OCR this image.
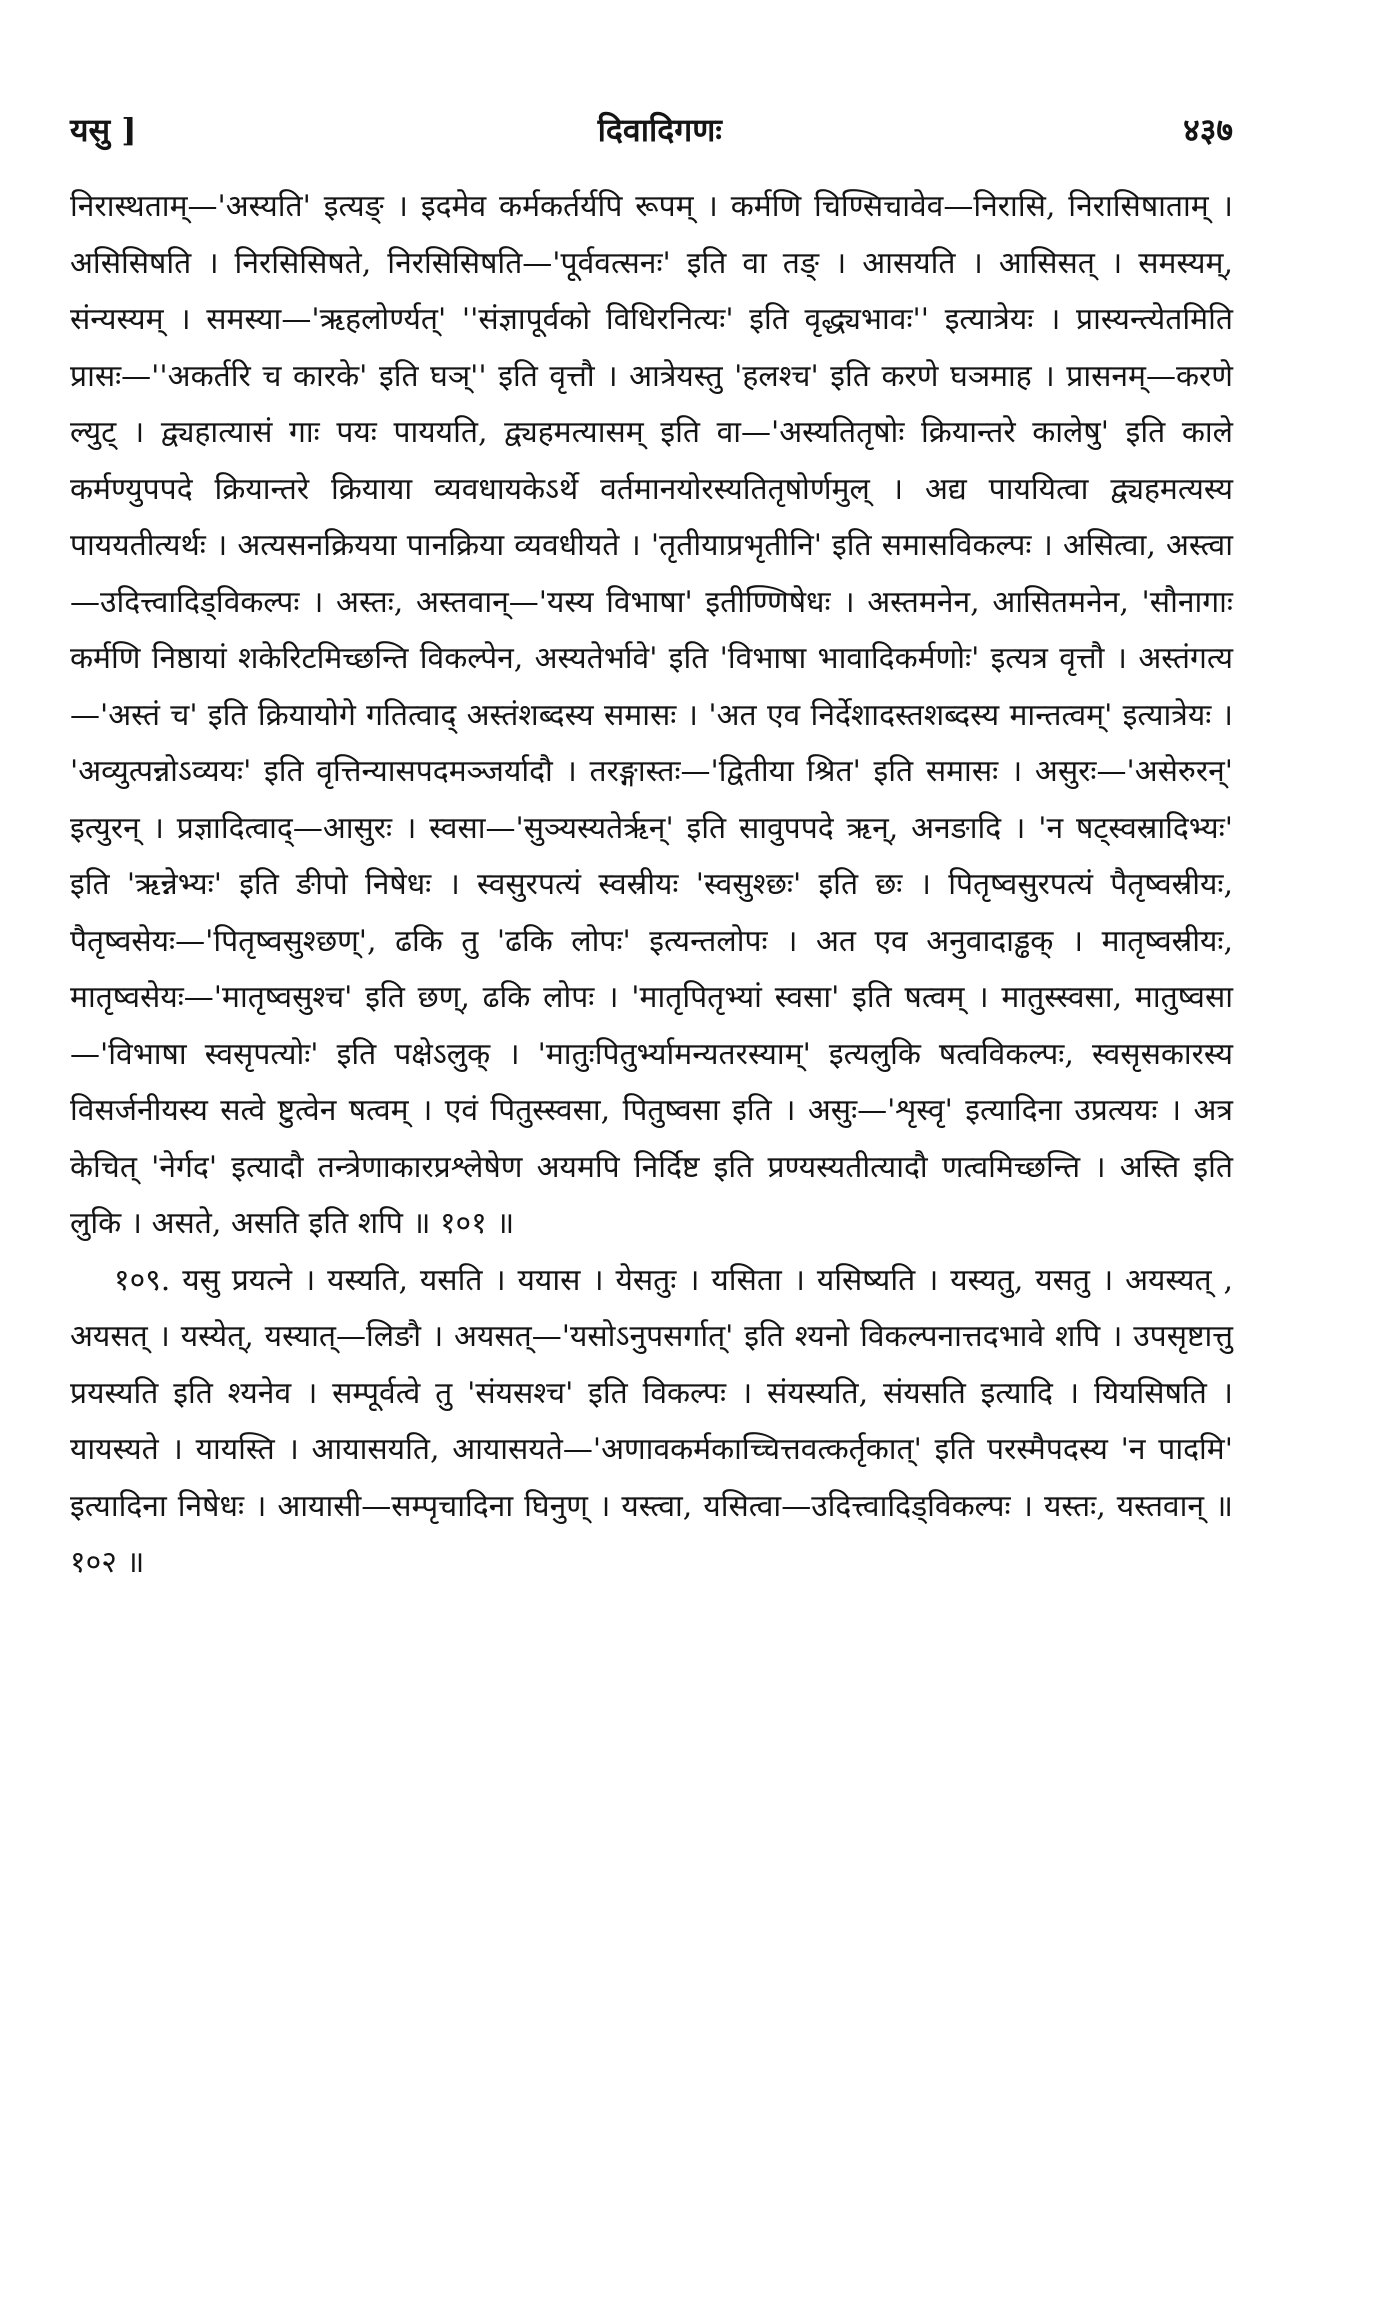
यसु ]	दिवादिगणः	४३७

निरास्थताम्—'अस्यति' इत्यङ् । इदमेव कर्मकर्तर्यपि रूपम् । कर्मणि चिण्सिचावेव—निरासि, निरासिषाताम् । असिसिषति । निरसिसिषते, निरसिसिषति—'पूर्ववत्सनः' इति वा तङ् । आसयति । आसिसत् । समस्यम्, संन्यस्यम् । समस्या—'ऋहलोर्ण्यत्' ''संज्ञापूर्वको विधिरनित्यः' इति वृद्ध्यभावः'' इत्यात्रेयः । प्रास्यन्त्येतमिति प्रासः—''अकर्तरि च कारके' इति घञ्'' इति वृत्तौ । आत्रेयस्तु 'हलश्च' इति करणे घञमाह । प्रासनम्—करणे ल्युट् । द्व्यहात्यासं गाः पयः पाययति, द्व्यहमत्यासम् इति वा—'अस्यतितृषोः क्रियान्तरे कालेषु' इति काले कर्मण्युपपदे क्रियान्तरे क्रियाया व्यवधायकेऽर्थे वर्तमानयोरस्यतितृषोर्णमुल् । अद्य पाययित्वा द्व्यहमत्यस्य पाययतीत्यर्थः । अत्यसनक्रियया पानक्रिया व्यवधीयते । 'तृतीयाप्रभृतीनि' इति समासविकल्पः । असित्वा, अस्त्वा—उदित्त्वादिड्विकल्पः । अस्तः, अस्तवान्—'यस्य विभाषा' इतीण्णिषेधः । अस्तमनेन, आसितमनेन, 'सौनागाः कर्मणि निष्ठायां शकेरिटमिच्छन्ति विकल्पेन, अस्यतेर्भावे' इति 'विभाषा भावादिकर्मणोः' इत्यत्र वृत्तौ । अस्तंगत्य—'अस्तं च' इति क्रियायोगे गतित्वाद् अस्तंशब्दस्य समासः । 'अत एव निर्देशादस्तशब्दस्य मान्तत्वम्' इत्यात्रेयः । 'अव्युत्पन्नोऽव्ययः' इति वृत्तिन्यासपदमञ्जर्यादौ । तरङ्गास्तः—'द्वितीया श्रित' इति समासः । असुरः—'असेरुरन्' इत्युरन् । प्रज्ञादित्वाद्—आसुरः । स्वसा—'सुञ्यस्यतेर्ऋन्' इति सावुपपदे ऋन्, अनङादि । 'न षट्स्वस्रादिभ्यः' इति 'ऋन्नेभ्यः' इति ङीपो निषेधः । स्वसुरपत्यं स्वस्रीयः 'स्वसुश्छः' इति छः । पितृष्वसुरपत्यं पैतृष्वस्रीयः, पैतृष्वसेयः—'पितृष्वसुश्छण्', ढकि तु 'ढकि लोपः' इत्यन्तलोपः । अत एव अनुवादाड्ढक् । मातृष्वस्रीयः, मातृष्वसेयः—'मातृष्वसुश्च' इति छण्, ढकि लोपः । 'मातृपितृभ्यां स्वसा' इति षत्वम् । मातुस्स्वसा, मातुष्वसा—'विभाषा स्वसृपत्योः' इति पक्षेऽलुक् । 'मातुःपितुर्भ्यामन्यतरस्याम्' इत्यलुकि षत्वविकल्पः, स्वसृसकारस्य विसर्जनीयस्य सत्वे ष्टुत्वेन षत्वम् । एवं पितुस्स्वसा, पितुष्वसा इति । असुः—'शृस्वृ' इत्यादिना उप्रत्ययः । अत्र केचित् 'नेर्गद' इत्यादौ तन्त्रेणाकारप्रश्लेषेण अयमपि निर्दिष्ट इति प्रण्यस्यतीत्यादौ णत्वमिच्छन्ति । अस्ति इति लुकि । असते, असति इति शपि ॥ १०१ ॥

१०९. यसु प्रयत्ने । यस्यति, यसति । ययास । येसतुः । यसिता । यसिष्यति । यस्यतु, यसतु । अयस्यत् , अयसत् । यस्येत्, यस्यात्—लिङौ । अयसत्—'यसोऽनुपसर्गात्' इति श्यनो विकल्पनात्तदभावे शपि । उपसृष्टात्तु प्रयस्यति इति श्यनेव । सम्पूर्वत्वे तु 'संयसश्च' इति विकल्पः । संयस्यति, संयसति इत्यादि । यियसिषति । यायस्यते । यायस्ति । आयासयति, आयासयते—'अणावकर्मकाच्चित्तवत्कर्तृकात्' इति परस्मैपदस्य 'न पादमि' इत्यादिना निषेधः । आयासी—सम्पृचादिना घिनुण् । यस्त्वा, यसित्वा—उदित्त्वादिड्विकल्पः । यस्तः, यस्तवान् ॥ १०२ ॥
